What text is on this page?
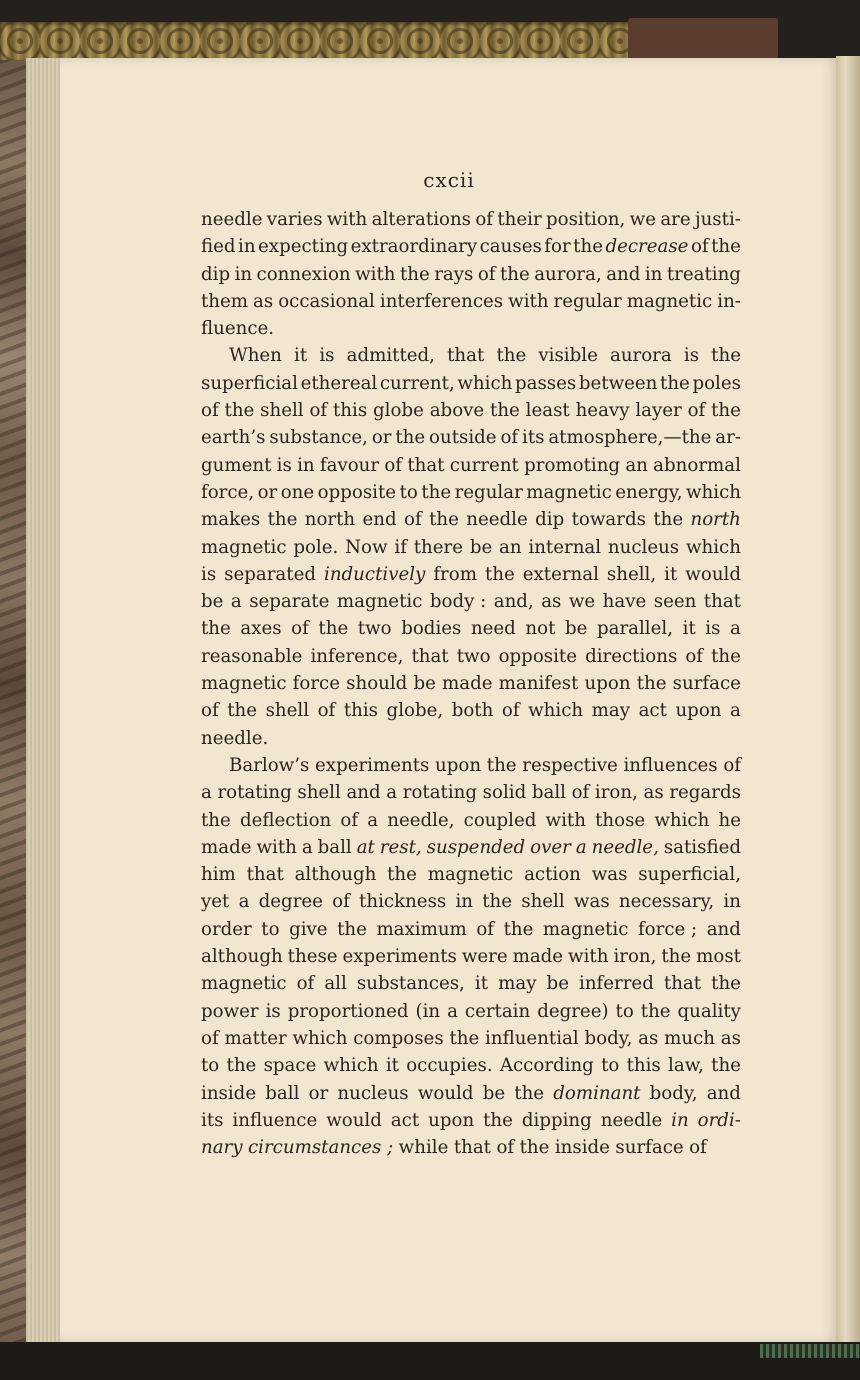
cxcii
needle varies with alterations of their position, we are justi-
fied in expecting extraordinary causes for the decrease of the
dip in connexion with the rays of the aurora, and in treating
them as occasional interferences with regular magnetic in-
fluence.
When it is admitted, that the visible aurora is the
superficial ethereal current, which passes between the poles
of the shell of this globe above the least heavy layer of the
earth’s substance, or the outside of its atmosphere,—the ar-
gument is in favour of that current promoting an abnormal
force, or one opposite to the regular magnetic energy, which
makes the north end of the needle dip towards the north
magnetic pole. Now if there be an internal nucleus which
is separated inductively from the external shell, it would
be a separate magnetic body : and, as we have seen that
the axes of the two bodies need not be parallel, it is a
reasonable inference, that two opposite directions of the
magnetic force should be made manifest upon the surface
of the shell of this globe, both of which may act upon a
needle.
Barlow’s experiments upon the respective influences of
a rotating shell and a rotating solid ball of iron, as regards
the deflection of a needle, coupled with those which he
made with a ball at rest, suspended over a needle, satisfied
him that although the magnetic action was superficial,
yet a degree of thickness in the shell was necessary, in
order to give the maximum of the magnetic force ; and
although these experiments were made with iron, the most
magnetic of all substances, it may be inferred that the
power is proportioned (in a certain degree) to the quality
of matter which composes the influential body, as much as
to the space which it occupies. According to this law, the
inside ball or nucleus would be the dominant body, and
its influence would act upon the dipping needle in ordi-
nary circumstances ; while that of the inside surface of
